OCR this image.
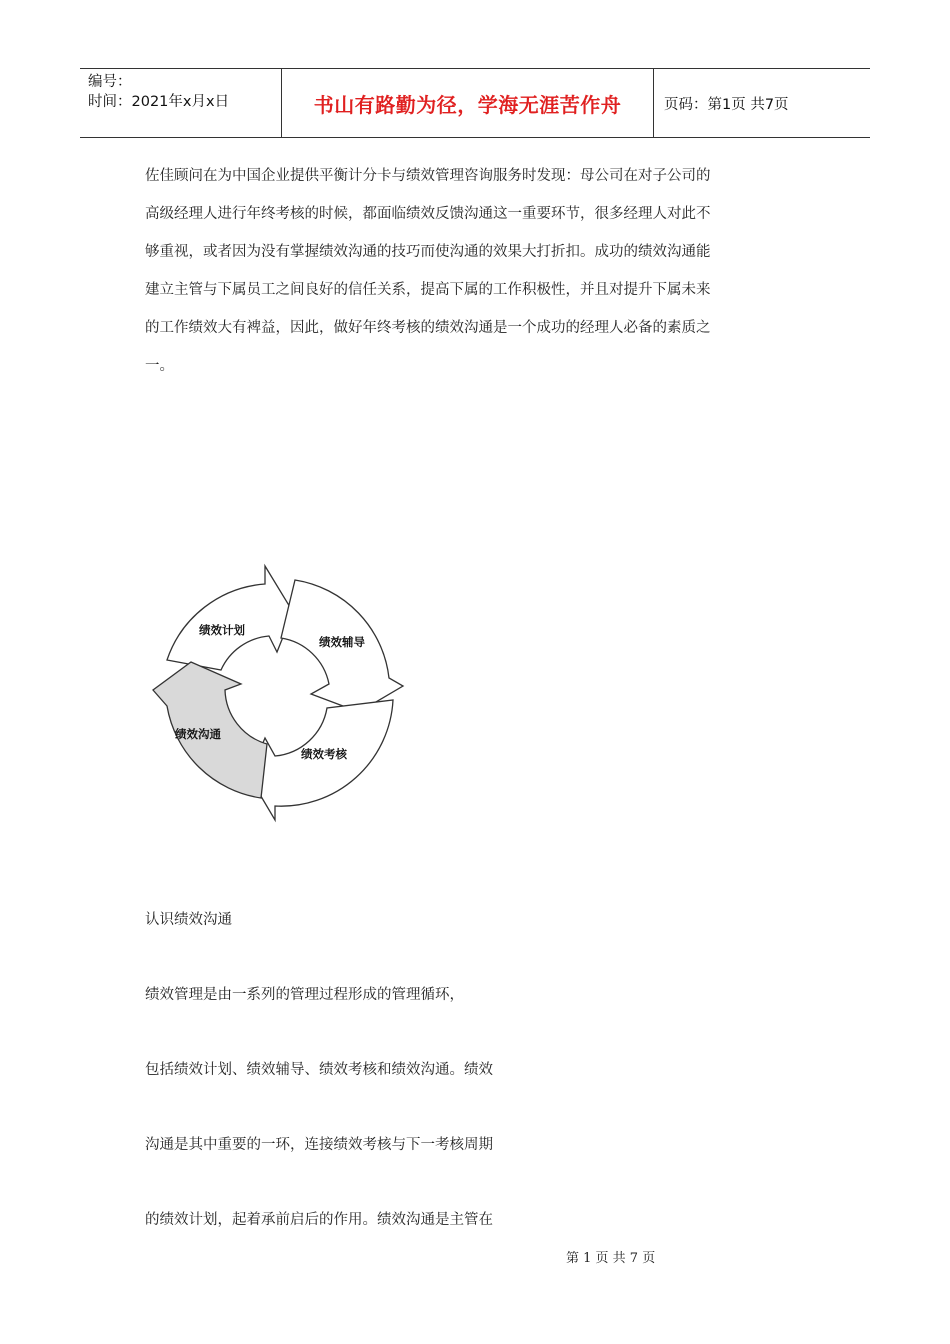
编号：
时间：2021年x月x日	书山有路勤为径，学海无涯苦作舟	页码：第1页 共7页

佐佳顾问在为中国企业提供平衡计分卡与绩效管理咨询服务时发现：母公司在对子公司的
高级经理人进行年终考核的时候，都面临绩效反馈沟通这一重要环节，很多经理人对此不
够重视，或者因为没有掌握绩效沟通的技巧而使沟通的效果大打折扣。成功的绩效沟通能
建立主管与下属员工之间良好的信任关系，提高下属的工作积极性，并且对提升下属未来
的工作绩效大有裨益，因此，做好年终考核的绩效沟通是一个成功的经理人必备的素质之
一。

绩效计划
绩效辅导
绩效考核
绩效沟通

认识绩效沟通

绩效管理是由一系列的管理过程形成的管理循环，

包括绩效计划、绩效辅导、绩效考核和绩效沟通。绩效

沟通是其中重要的一环，连接绩效考核与下一考核周期

的绩效计划，起着承前启后的作用。绩效沟通是主管在

第 1 页 共 7 页
